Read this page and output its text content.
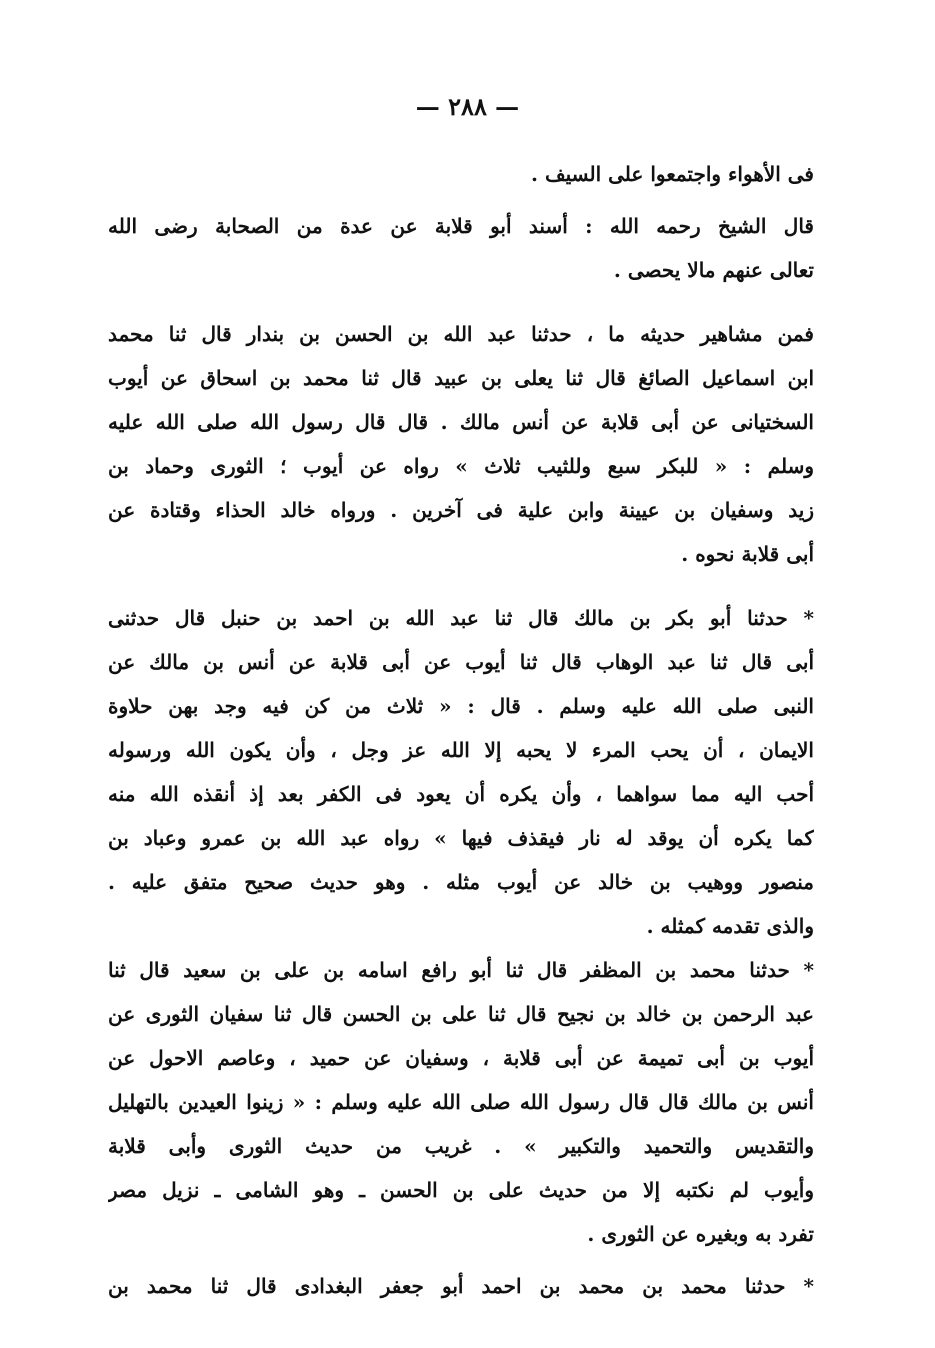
— ٢٨٨ —
فى الأهواء واجتمعوا على السيف .
قال الشيخ رحمه الله : أسند أبو قلابة عن عدة من الصحابة رضى الله
تعالى عنهم مالا يحصى .
فمن مشاهير حديثه ما ، حدثنا عبد الله بن الحسن بن بندار قال ثنا محمد
ابن اسماعيل الصائغ قال ثنا يعلى بن عبيد قال ثنا محمد بن اسحاق عن أيوب
السختيانى عن أبى قلابة عن أنس مالك . قال قال رسول الله صلى الله عليه
وسلم : « للبكر سبع وللثيب ثلاث » رواه عن أيوب ؛ الثورى وحماد بن
زيد وسفيان بن عيينة وابن علية فى آخرين . ورواه خالد الحذاء وقتادة عن
أبى قلابة نحوه .
* حدثنا أبو بكر بن مالك قال ثنا عبد الله بن احمد بن حنبل قال حدثنى
أبى قال ثنا عبد الوهاب قال ثنا أيوب عن أبى قلابة عن أنس بن مالك عن
النبى صلى الله عليه وسلم . قال : « ثلاث من كن فيه وجد بهن حلاوة
الايمان ، أن يحب المرء لا يحبه إلا الله عز وجل ، وأن يكون الله ورسوله
أحب اليه مما سواهما ، وأن يكره أن يعود فى الكفر بعد إذ أنقذه الله منه
كما يكره أن يوقد له نار فيقذف فيها » رواه عبد الله بن عمرو وعباد بن
منصور ووهيب بن خالد عن أيوب مثله . وهو حديث صحيح متفق عليه .
والذى تقدمه كمثله .
* حدثنا محمد بن المظفر قال ثنا أبو رافع اسامه بن على بن سعيد قال ثنا
عبد الرحمن بن خالد بن نجيح قال ثنا على بن الحسن قال ثنا سفيان الثورى عن
أيوب بن أبى تميمة عن أبى قلابة ، وسفيان عن حميد ، وعاصم الاحول عن
أنس بن مالك قال قال رسول الله صلى الله عليه وسلم : « زينوا العيدين بالتهليل
والتقديس والتحميد والتكبير » . غريب من حديث الثورى وأبى قلابة
وأيوب لم نكتبه إلا من حديث على بن الحسن ـ وهو الشامى ـ نزيل مصر
تفرد به وبغيره عن الثورى .
* حدثنا محمد بن محمد بن احمد أبو جعفر البغدادى قال ثنا محمد بن
